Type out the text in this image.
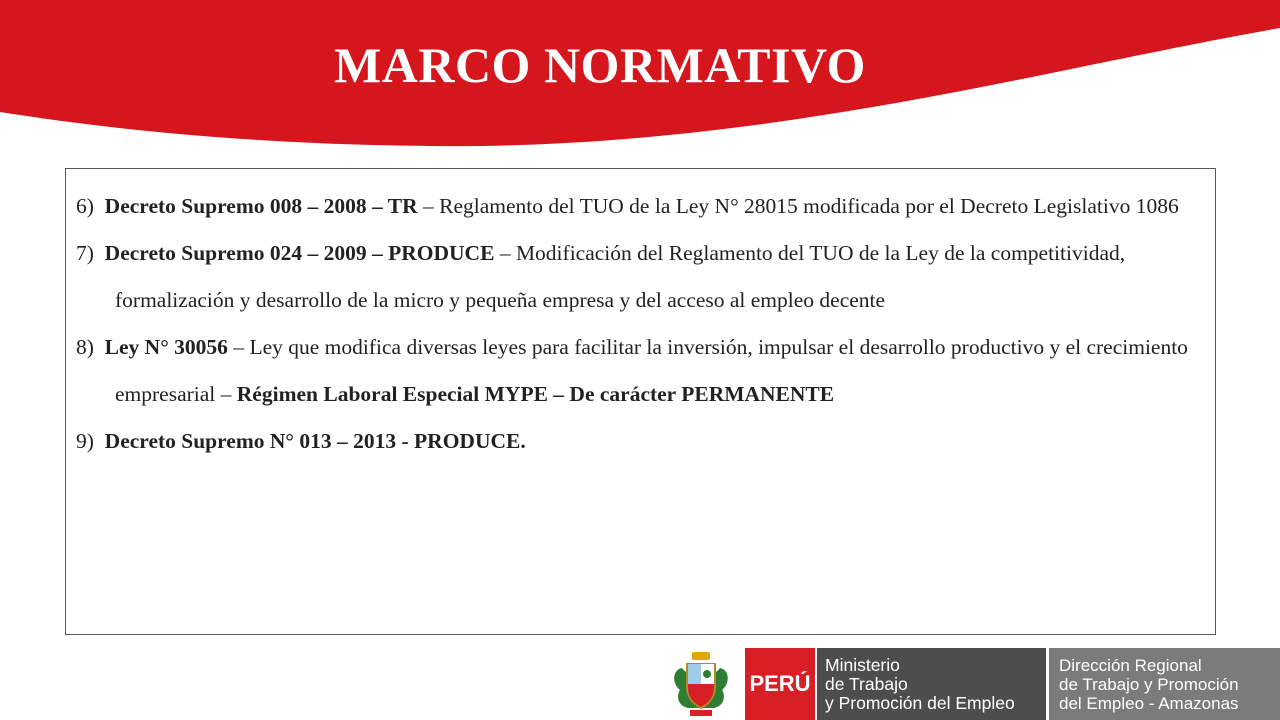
MARCO NORMATIVO

6) Decreto Supremo 008 – 2008 – TR – Reglamento del TUO de la Ley N° 28015 modificada por el Decreto Legislativo 1086

7) Decreto Supremo 024 – 2009 – PRODUCE – Modificación del Reglamento del TUO de la Ley de la competitividad, formalización y desarrollo de la micro y pequeña empresa y del acceso al empleo decente

8) Ley N° 30056 – Ley que modifica diversas leyes para facilitar la inversión, impulsar el desarrollo productivo y el crecimiento empresarial – Régimen Laboral Especial MYPE – De carácter PERMANENTE

9) Decreto Supremo N° 013 – 2013 - PRODUCE.

PERÚ
Ministerio
de Trabajo
y Promoción del Empleo
Dirección Regional
de Trabajo y Promoción
del Empleo - Amazonas
